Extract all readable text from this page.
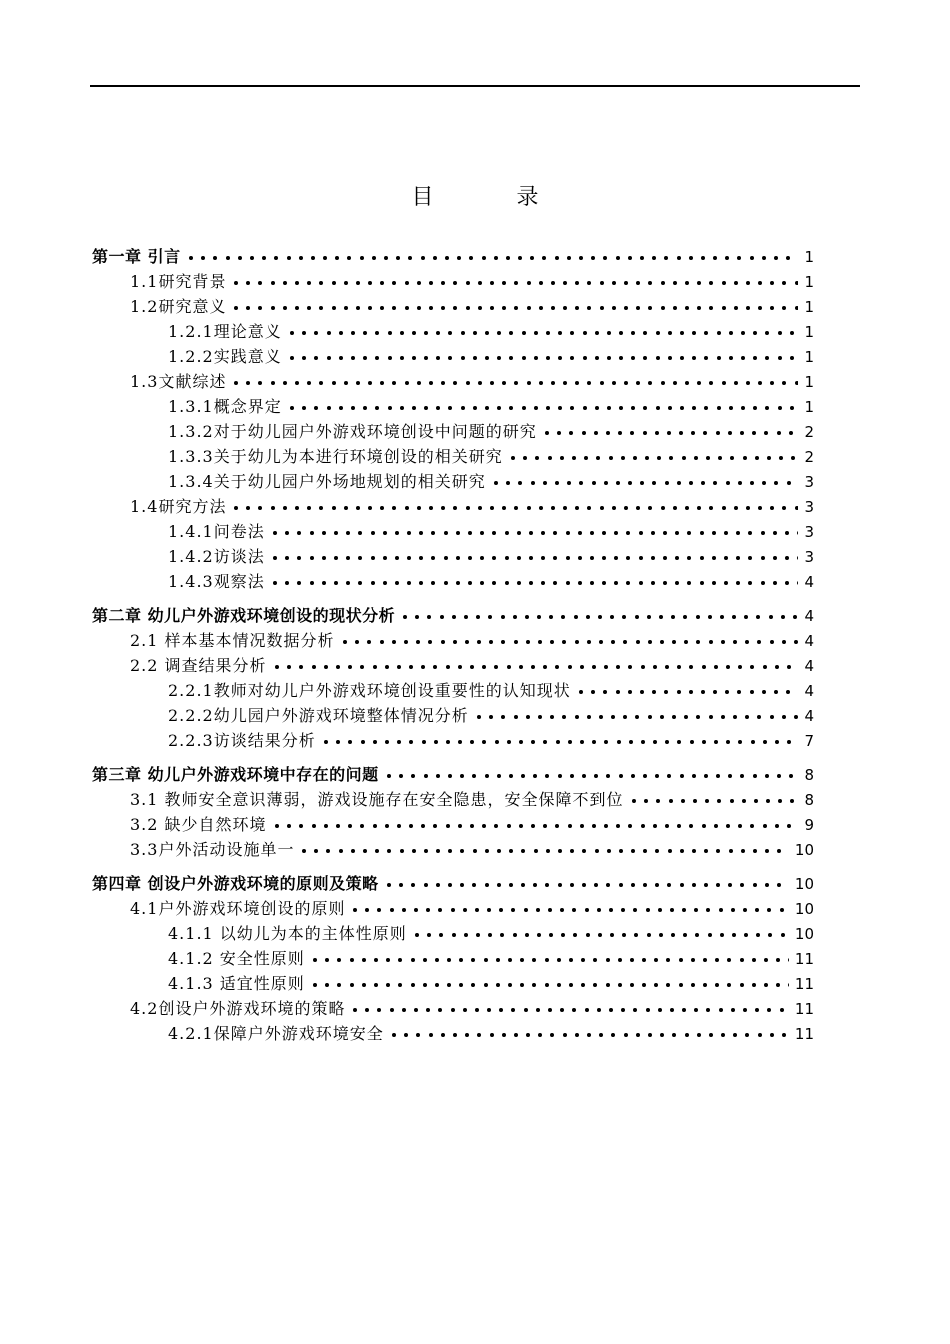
目 录
第一章 引言	1
1.1研究背景	1
1.2研究意义	1
1.2.1理论意义	1
1.2.2实践意义	1
1.3文献综述	1
1.3.1概念界定	1
1.3.2对于幼儿园户外游戏环境创设中问题的研究	2
1.3.3关于幼儿为本进行环境创设的相关研究	2
1.3.4关于幼儿园户外场地规划的相关研究	3
1.4研究方法	3
1.4.1问卷法	3
1.4.2访谈法	3
1.4.3观察法	4
第二章 幼儿户外游戏环境创设的现状分析	4
2.1 样本基本情况数据分析	4
2.2 调查结果分析	4
2.2.1教师对幼儿户外游戏环境创设重要性的认知现状	4
2.2.2幼儿园户外游戏环境整体情况分析	4
2.2.3访谈结果分析	7
第三章 幼儿户外游戏环境中存在的问题	8
3.1 教师安全意识薄弱，游戏设施存在安全隐患，安全保障不到位	8
3.2 缺少自然环境	9
3.3户外活动设施单一	10
第四章 创设户外游戏环境的原则及策略	10
4.1户外游戏环境创设的原则	10
4.1.1 以幼儿为本的主体性原则	10
4.1.2 安全性原则	11
4.1.3 适宜性原则	11
4.2创设户外游戏环境的策略	11
4.2.1保障户外游戏环境安全	11
